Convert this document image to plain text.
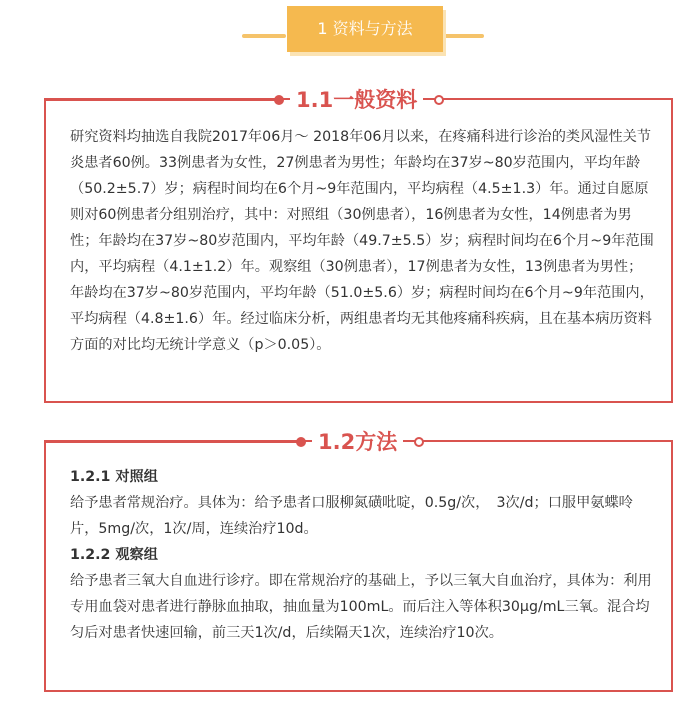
1 资料与方法
1.1一般资料

研究资料均抽选自我院2017年06月～ 2018年06月以来，在疼痛科进行诊治的类风湿性关节炎患者60例。33例患者为女性，27例患者为男性；年龄均在37岁~80岁范围内，平均年龄（50.2±5.7）岁；病程时间均在6个月~9年范围内，平均病程（4.5±1.3）年。通过自愿原则对60例患者分组别治疗，其中：对照组（30例患者），16例患者为女性，14例患者为男性；年龄均在37岁~80岁范围内，平均年龄（49.7±5.5）岁；病程时间均在6个月~9年范围内，平均病程（4.1±1.2）年。观察组（30例患者），17例患者为女性，13例患者为男性；年龄均在37岁~80岁范围内，平均年龄（51.0±5.6）岁；病程时间均在6个月~9年范围内，平均病程（4.8±1.6）年。经过临床分析，两组患者均无其他疼痛科疾病，且在基本病历资料方面的对比均无统计学意义（p＞0.05）。

1.2方法

1.2.1 对照组

给予患者常规治疗。具体为：给予患者口服柳氮磺吡啶，0.5g/次，　3次/d；口服甲氨蝶呤片，5mg/次，1次/周，连续治疗10d。

1.2.2 观察组

给予患者三氧大自血进行诊疗。即在常规治疗的基础上，予以三氧大自血治疗，具体为：利用专用血袋对患者进行静脉血抽取，抽血量为100mL。而后注入等体积30μg/mL三氧。混合均匀后对患者快速回输，前三天1次/d，后续隔天1次，连续治疗10次。
